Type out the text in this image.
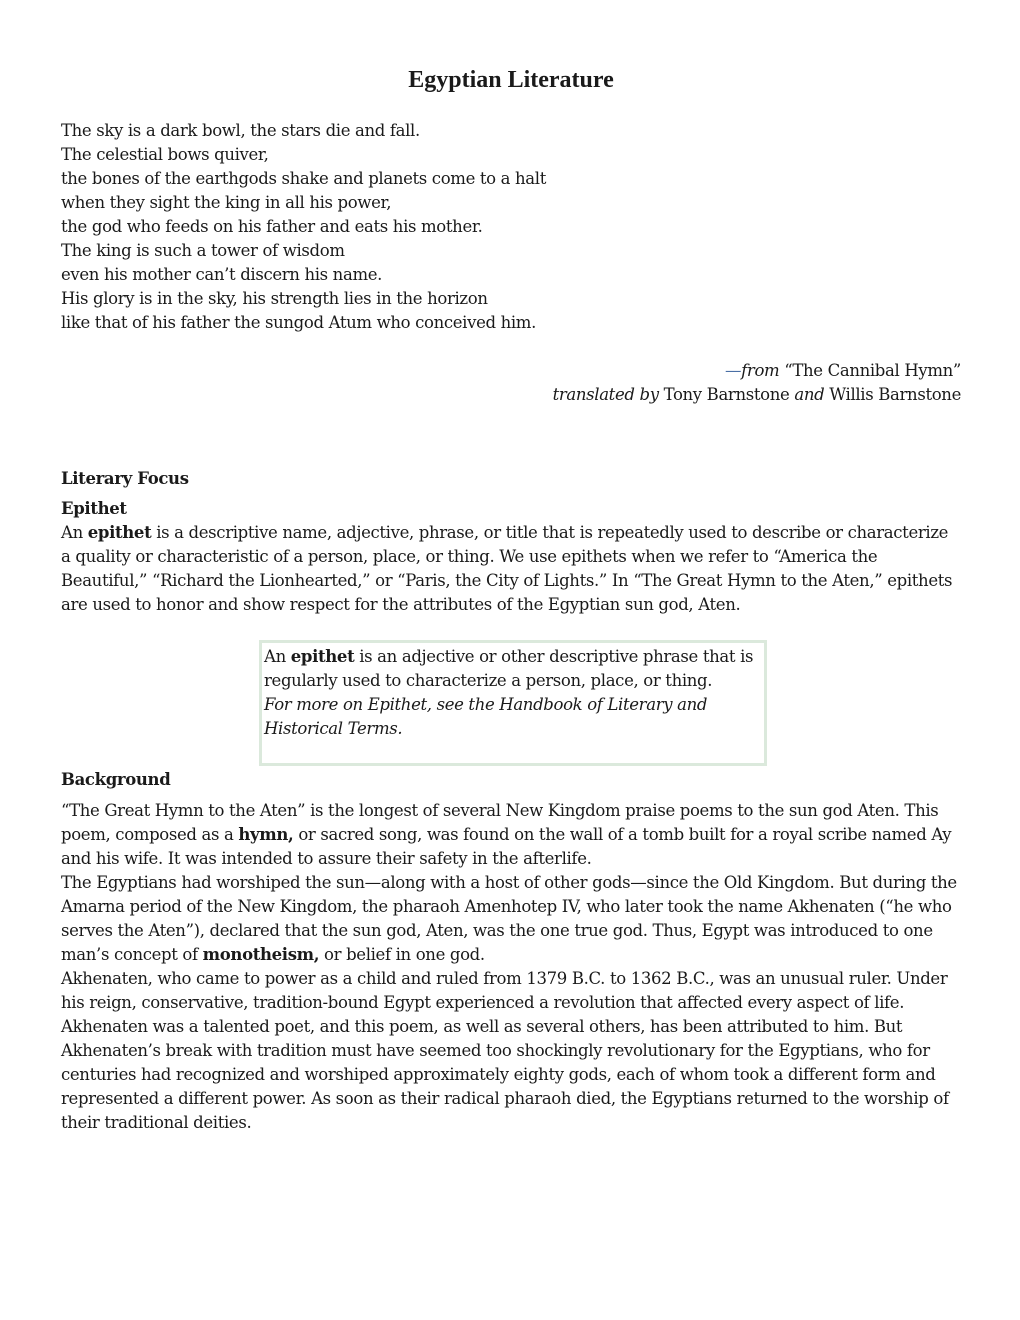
Egyptian Literature
The sky is a dark bowl, the stars die and fall.
The celestial bows quiver,
the bones of the earthgods shake and planets come to a halt
when they sight the king in all his power,
the god who feeds on his father and eats his mother.
The king is such a tower of wisdom
even his mother can’t discern his name.
His glory is in the sky, his strength lies in the horizon
like that of his father the sungod Atum who conceived him.
—from “The Cannibal Hymn”
translated by Tony Barnstone and Willis Barnstone
Literary Focus
Epithet

An epithet is a descriptive name, adjective, phrase, or title that is repeatedly used to describe or characterize a quality or characteristic of a person, place, or thing. We use epithets when we refer to “America the Beautiful,” “Richard the Lionhearted,” or “Paris, the City of Lights.” In “The Great Hymn to the Aten,” epithets are used to honor and show respect for the attributes of the Egyptian sun god, Aten.

An epithet is an adjective or other descriptive phrase that is regularly used to characterize a person, place, or thing.
For more on Epithet, see the Handbook of Literary and Historical Terms.
Background

“The Great Hymn to the Aten” is the longest of several New Kingdom praise poems to the sun god Aten. This poem, composed as a hymn, or sacred song, was found on the wall of a tomb built for a royal scribe named Ay and his wife. It was intended to assure their safety in the afterlife.

The Egyptians had worshiped the sun—along with a host of other gods—since the Old Kingdom. But during the Amarna period of the New Kingdom, the pharaoh Amenhotep IV, who later took the name Akhenaten (“he who serves the Aten”), declared that the sun god, Aten, was the one true god. Thus, Egypt was introduced to one man’s concept of monotheism, or belief in one god.

Akhenaten, who came to power as a child and ruled from 1379 B.C. to 1362 B.C., was an unusual ruler. Under his reign, conservative, tradition-bound Egypt experienced a revolution that affected every aspect of life. Akhenaten was a talented poet, and this poem, as well as several others, has been attributed to him. But Akhenaten’s break with tradition must have seemed too shockingly revolutionary for the Egyptians, who for centuries had recognized and worshiped approximately eighty gods, each of whom took a different form and represented a different power. As soon as their radical pharaoh died, the Egyptians returned to the worship of their traditional deities.
